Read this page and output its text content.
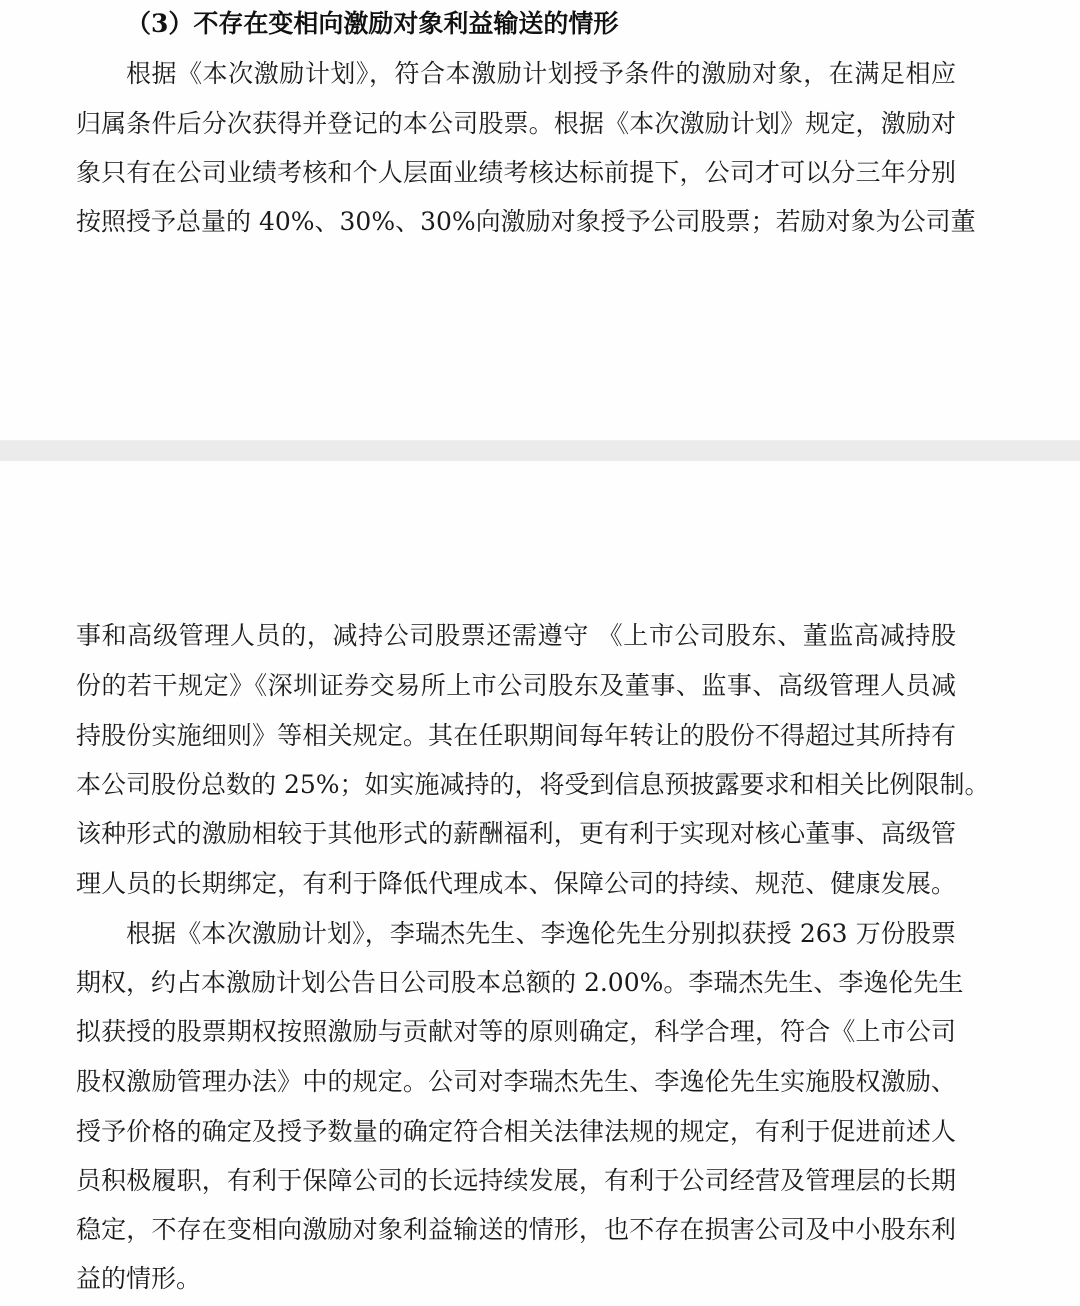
（3）不存在变相向激励对象利益输送的情形
根据《本次激励计划》，符合本激励计划授予条件的激励对象，在满足相应
归属条件后分次获得并登记的本公司股票。根据《本次激励计划》规定，激励对
象只有在公司业绩考核和个人层面业绩考核达标前提下，公司才可以分三年分别
按照授予总量的 40%、30%、30%向激励对象授予公司股票；若励对象为公司董
事和高级管理人员的，减持公司股票还需遵守 《上市公司股东、董监高减持股
份的若干规定》《深圳证券交易所上市公司股东及董事、监事、高级管理人员减
持股份实施细则》等相关规定。其在任职期间每年转让的股份不得超过其所持有
本公司股份总数的 25%；如实施减持的，将受到信息预披露要求和相关比例限制。
该种形式的激励相较于其他形式的薪酬福利，更有利于实现对核心董事、高级管
理人员的长期绑定，有利于降低代理成本、保障公司的持续、规范、健康发展。
根据《本次激励计划》，李瑞杰先生、李逸伦先生分别拟获授 263 万份股票
期权，约占本激励计划公告日公司股本总额的 2.00%。李瑞杰先生、李逸伦先生
拟获授的股票期权按照激励与贡献对等的原则确定，科学合理，符合《上市公司
股权激励管理办法》中的规定。公司对李瑞杰先生、李逸伦先生实施股权激励、
授予价格的确定及授予数量的确定符合相关法律法规的规定，有利于促进前述人
员积极履职，有利于保障公司的长远持续发展，有利于公司经营及管理层的长期
稳定，不存在变相向激励对象利益输送的情形，也不存在损害公司及中小股东利
益的情形。
